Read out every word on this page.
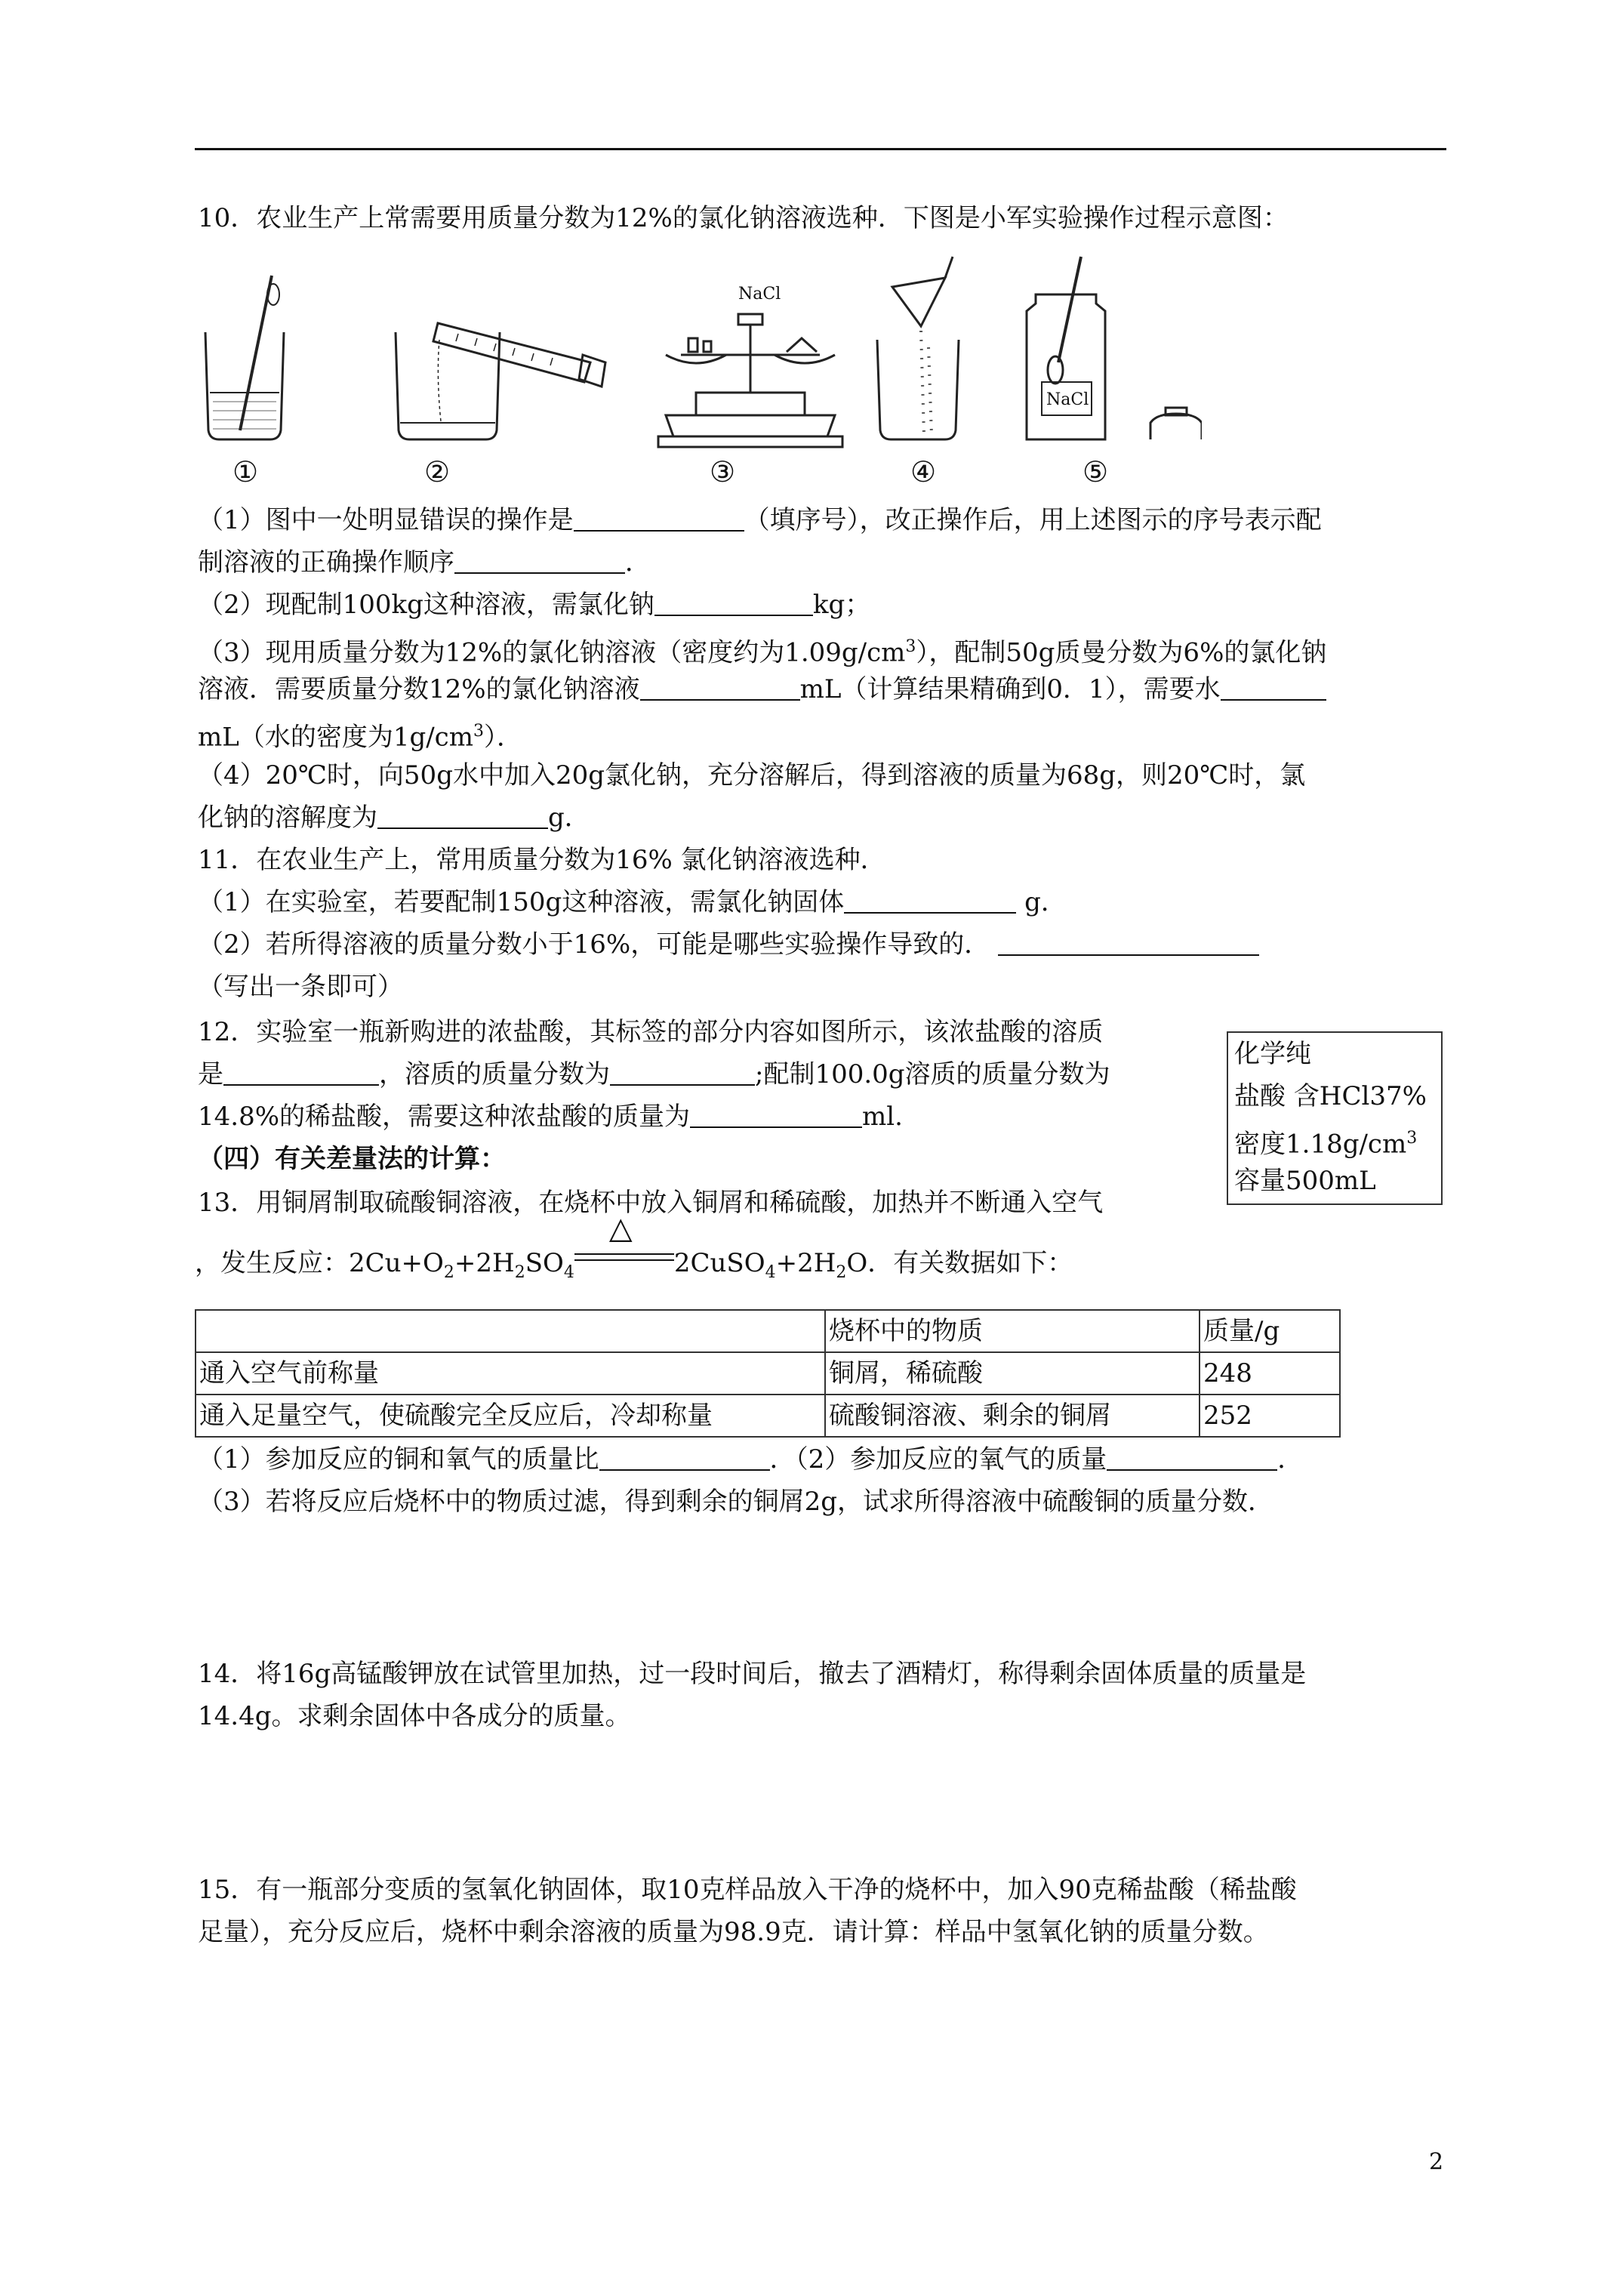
10．农业生产上常需要用质量分数为12%的氯化钠溶液选种．下图是小军实验操作过程示意图：
NaCl
NaCl
①	②	③	④	⑤
（1）图中一处明显错误的操作是	（填序号），改正操作后，用上述图示的序号表示配
制溶液的正确操作顺序	．
（2）现配制100kg这种溶液，需氯化钠	kg；
（3）现用质量分数为12%的氯化钠溶液（密度约为$1.09g/cm^3$），配制50g质曼分数为6%的氯化钠
溶液．需要质量分数12%的氯化钠溶液	mL（计算结果精确到0．1），需要水
mL（水的密度为$1g/cm^3$）．
（4）20℃时，向50g水中加入20g氯化钠，充分溶解后，得到溶液的质量为68g，则20℃时，氯
化钠的溶解度为	g．
11．在农业生产上，常用质量分数为16% 氯化钠溶液选种．
（1）在实验室，若要配制150g这种溶液，需氯化钠固体	g．
（2）若所得溶液的质量分数小于16%，可能是哪些实验操作导致的．
（写出一条即可）
12．实验室一瓶新购进的浓盐酸，其标签的部分内容如图所示，该浓盐酸的溶质
是	，溶质的质量分数为	;配制100.0g溶质的质量分数为
14.8%的稀盐酸，需要这种浓盐酸的质量为	ml.
化学纯
盐酸 含HCl37%
密度$1.18g/cm^3$
容量500mL
（四）有关差量法的计算：
13．用铜屑制取硫酸铜溶液，在烧杯中放入铜屑和稀硫酸，加热并不断通入空气
，发生反应：$2Cu+O_2+2H_2SO_4$
△
$2CuSO_4+2H_2O$．有关数据如下：
	烧杯中的物质	质量/g
通入空气前称量	铜屑，稀硫酸	248
通入足量空气，使硫酸完全反应后，冷却称量	硫酸铜溶液、剩余的铜屑	252
（1）参加反应的铜和氧气的质量比	．（2）参加反应的氧气的质量	．
（3）若将反应后烧杯中的物质过滤，得到剩余的铜屑2g，试求所得溶液中硫酸铜的质量分数．
14．将16g高锰酸钾放在试管里加热，过一段时间后，撤去了酒精灯，称得剩余固体质量的质量是
14.4g。求剩余固体中各成分的质量。
15．有一瓶部分变质的氢氧化钠固体，取10克样品放入干净的烧杯中，加入90克稀盐酸（稀盐酸
足量），充分反应后，烧杯中剩余溶液的质量为98.9克．请计算：样品中氢氧化钠的质量分数。
2
